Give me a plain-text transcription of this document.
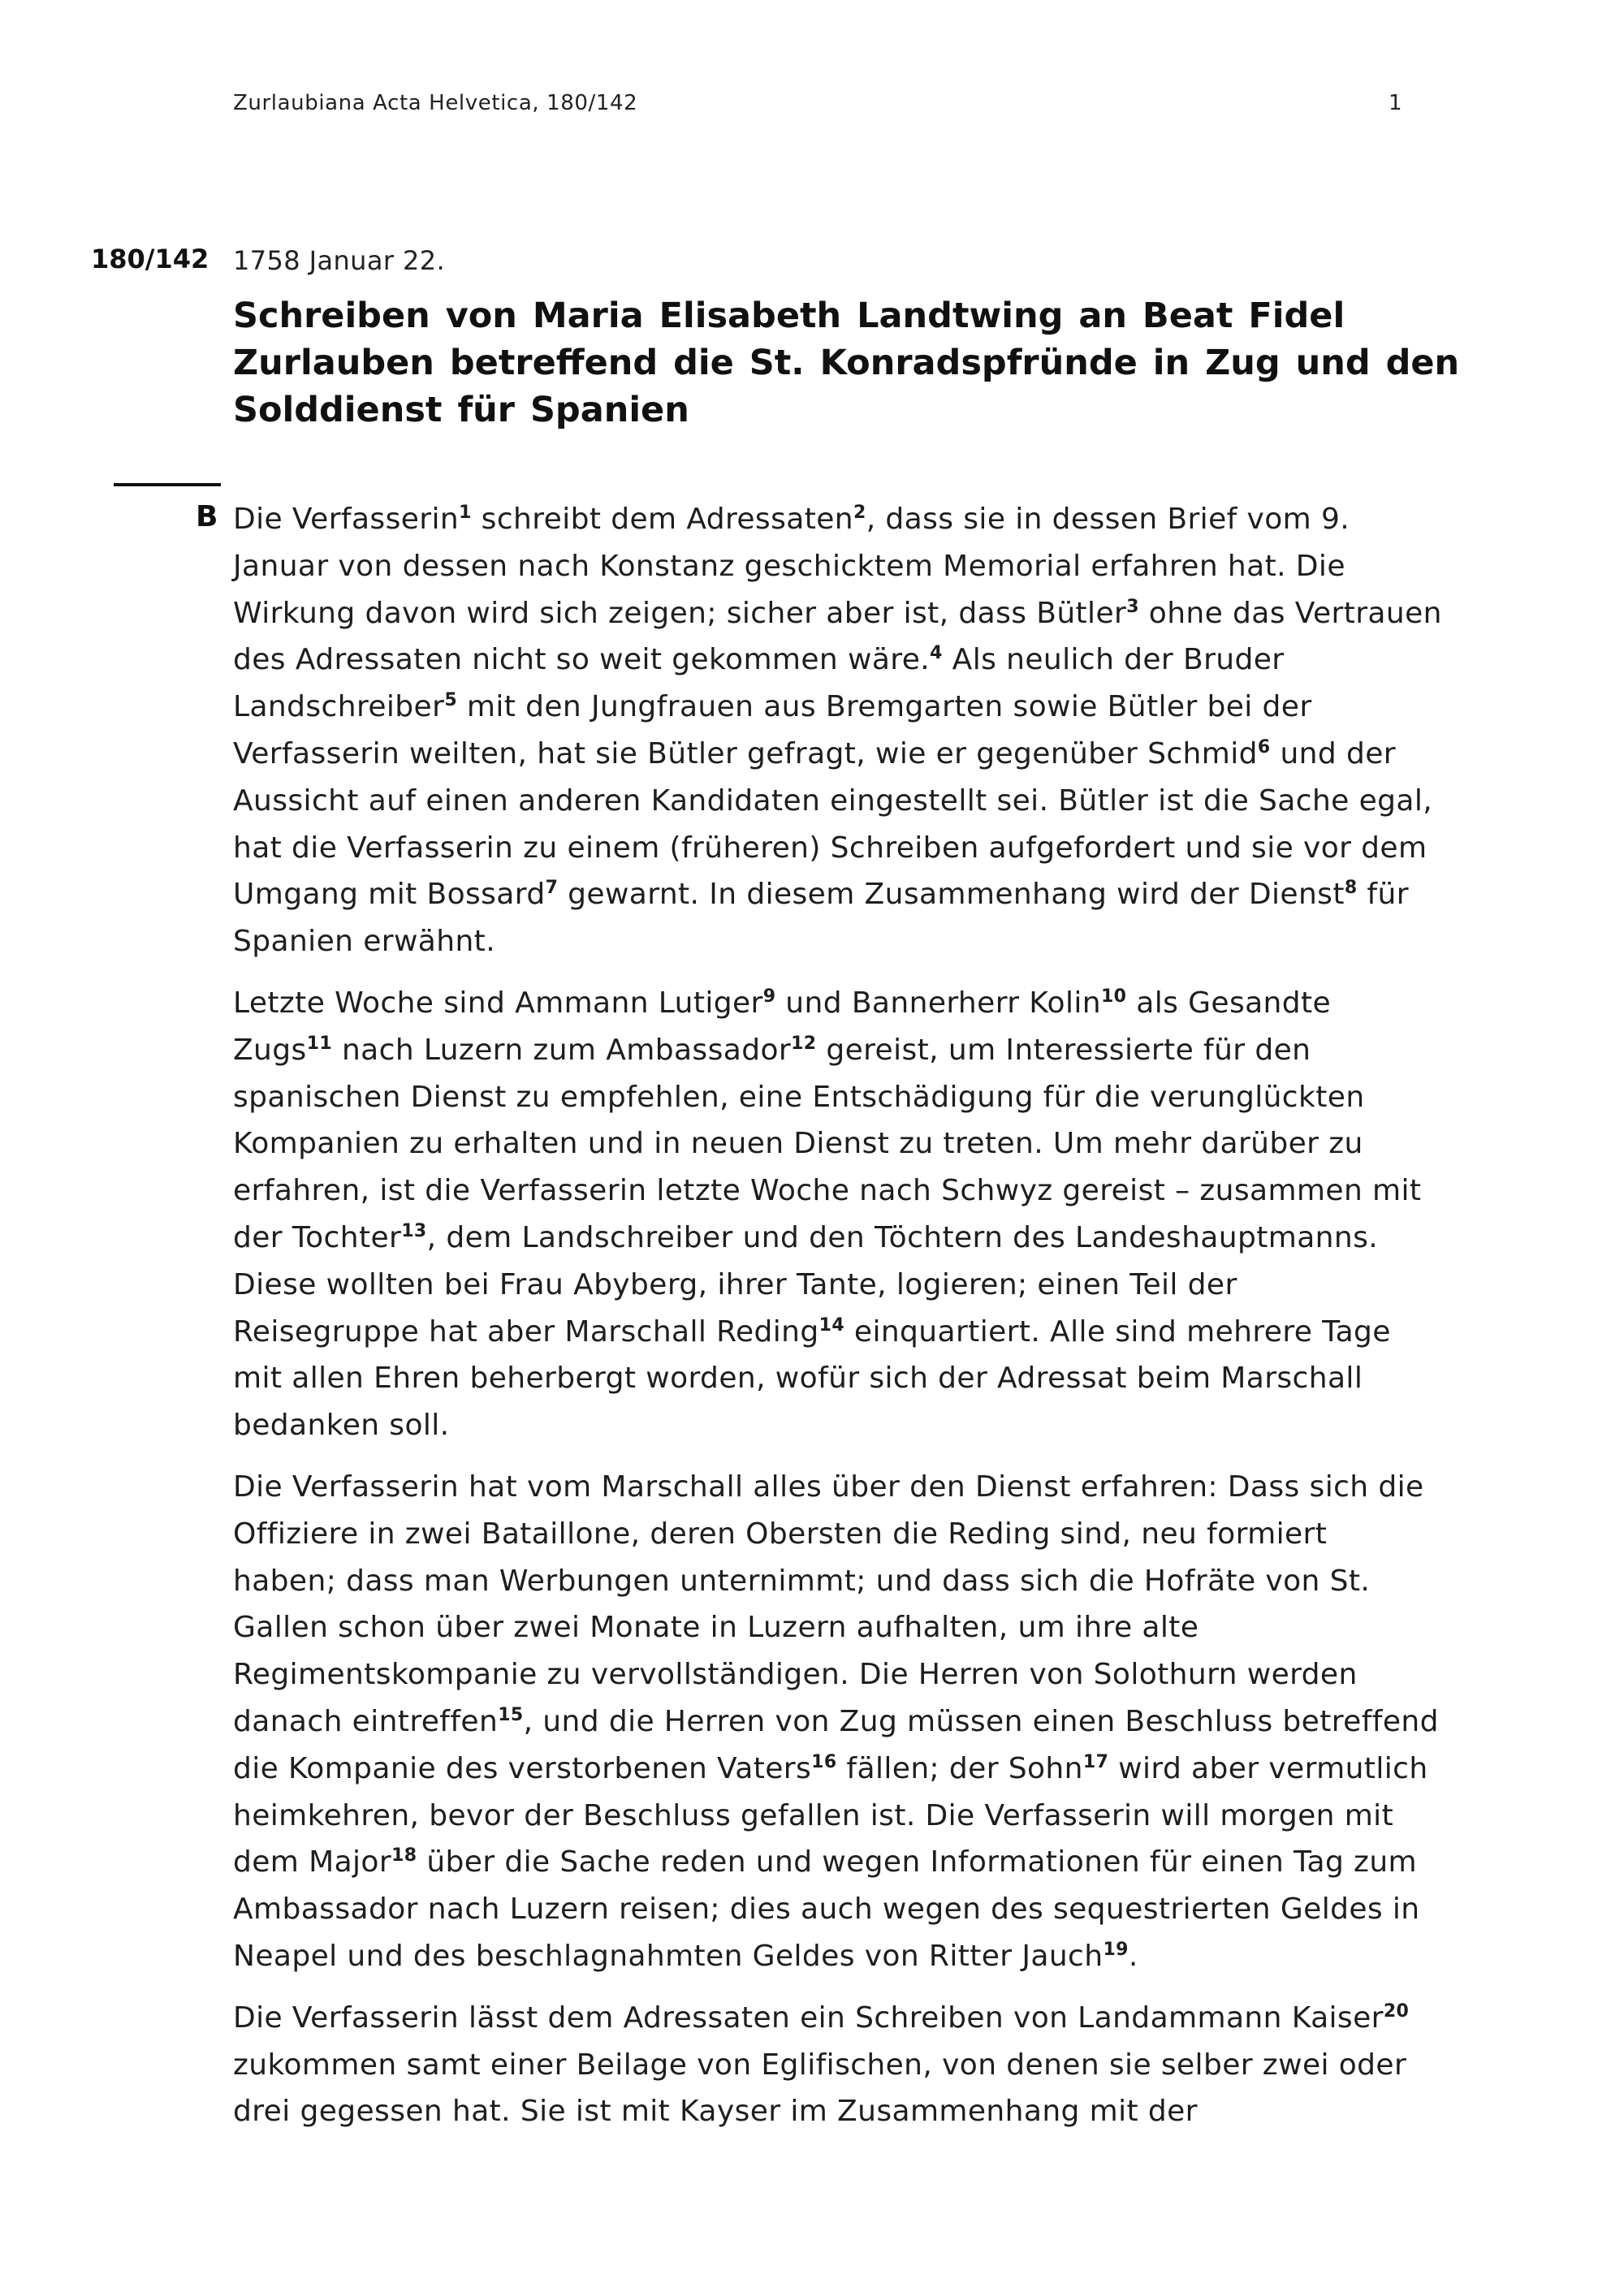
Zurlaubiana Acta Helvetica, 180/142	1
180/142 1758 Januar 22.
Schreiben von Maria Elisabeth Landtwing an Beat Fidel
Zurlauben betreffend die St. Konradspfründe in Zug und den
Solddienst für Spanien
B Die Verfasserin$^1$ schreibt dem Adressaten$^2$, dass sie in dessen Brief vom 9.
Januar von dessen nach Konstanz geschicktem Memorial erfahren hat. Die
Wirkung davon wird sich zeigen; sicher aber ist, dass Bütler$^3$ ohne das Vertrauen
des Adressaten nicht so weit gekommen wäre.$^4$ Als neulich der Bruder
Landschreiber$^5$ mit den Jungfrauen aus Bremgarten sowie Bütler bei der
Verfasserin weilten, hat sie Bütler gefragt, wie er gegenüber Schmid$^6$ und der
Aussicht auf einen anderen Kandidaten eingestellt sei. Bütler ist die Sache egal,
hat die Verfasserin zu einem (früheren) Schreiben aufgefordert und sie vor dem
Umgang mit Bossard$^7$ gewarnt. In diesem Zusammenhang wird der Dienst$^8$ für
Spanien erwähnt.

Letzte Woche sind Ammann Lutiger$^9$ und Bannerherr Kolin$^{10}$ als Gesandte
Zugs$^{11}$ nach Luzern zum Ambassador$^{12}$ gereist, um Interessierte für den
spanischen Dienst zu empfehlen, eine Entschädigung für die verunglückten
Kompanien zu erhalten und in neuen Dienst zu treten. Um mehr darüber zu
erfahren, ist die Verfasserin letzte Woche nach Schwyz gereist – zusammen mit
der Tochter$^{13}$, dem Landschreiber und den Töchtern des Landeshauptmanns.
Diese wollten bei Frau Abyberg, ihrer Tante, logieren; einen Teil der
Reisegruppe hat aber Marschall Reding$^{14}$ einquartiert. Alle sind mehrere Tage
mit allen Ehren beherbergt worden, wofür sich der Adressat beim Marschall
bedanken soll.

Die Verfasserin hat vom Marschall alles über den Dienst erfahren: Dass sich die
Offiziere in zwei Bataillone, deren Obersten die Reding sind, neu formiert
haben; dass man Werbungen unternimmt; und dass sich die Hofräte von St.
Gallen schon über zwei Monate in Luzern aufhalten, um ihre alte
Regimentskompanie zu vervollständigen. Die Herren von Solothurn werden
danach eintreffen$^{15}$, und die Herren von Zug müssen einen Beschluss betreffend
die Kompanie des verstorbenen Vaters$^{16}$ fällen; der Sohn$^{17}$ wird aber vermutlich
heimkehren, bevor der Beschluss gefallen ist. Die Verfasserin will morgen mit
dem Major$^{18}$ über die Sache reden und wegen Informationen für einen Tag zum
Ambassador nach Luzern reisen; dies auch wegen des sequestrierten Geldes in
Neapel und des beschlagnahmten Geldes von Ritter Jauch$^{19}$.

Die Verfasserin lässt dem Adressaten ein Schreiben von Landammann Kaiser$^{20}$
zukommen samt einer Beilage von Eglifischen, von denen sie selber zwei oder
drei gegessen hat. Sie ist mit Kayser im Zusammenhang mit der
